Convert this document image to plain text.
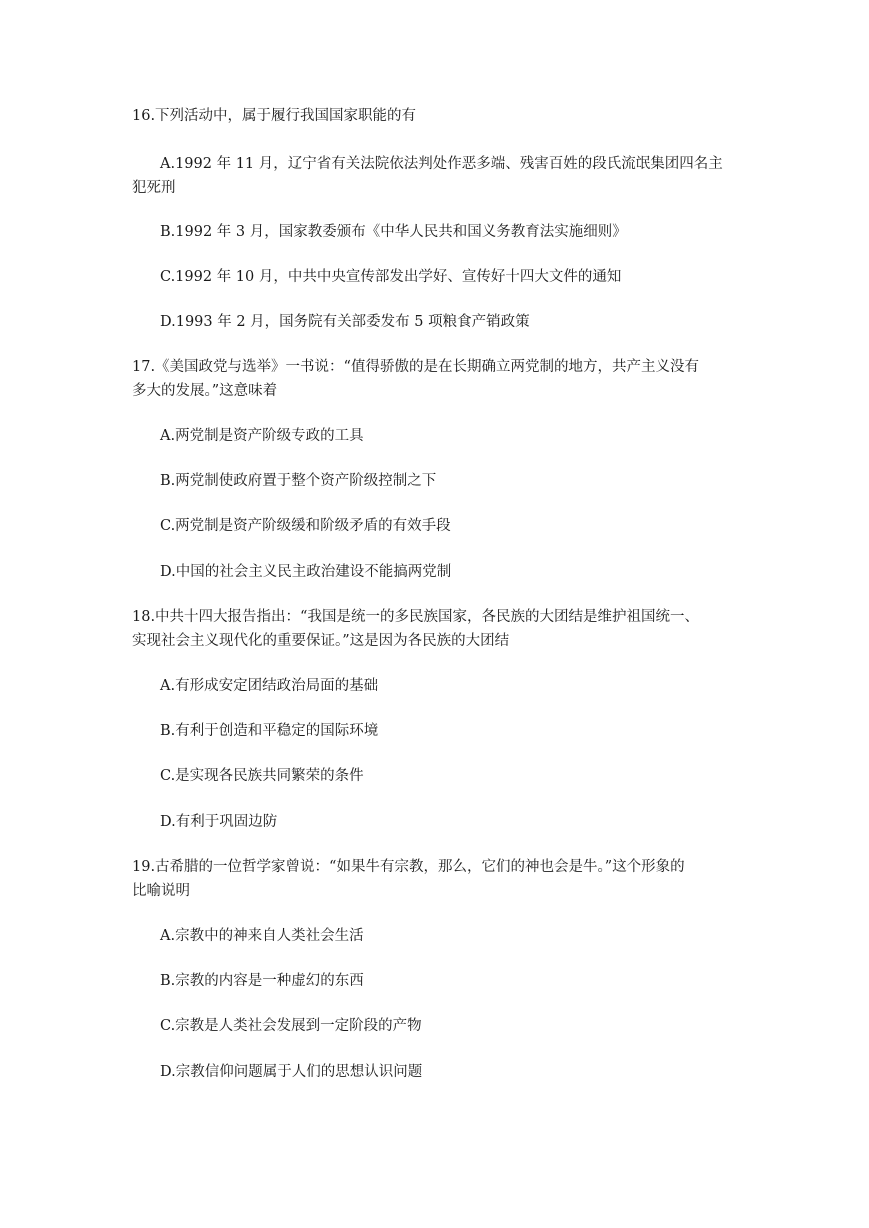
16.下列活动中，属于履行我国国家职能的有
A.1992 年 11 月，辽宁省有关法院依法判处作恶多端、残害百姓的段氏流氓集团四名主
犯死刑
B.1992 年 3 月，国家教委颁布《中华人民共和国义务教育法实施细则》
C.1992 年 10 月，中共中央宣传部发出学好、宣传好十四大文件的通知
D.1993 年 2 月，国务院有关部委发布 5 项粮食产销政策
17.《美国政党与选举》一书说：“值得骄傲的是在长期确立两党制的地方，共产主义没有
多大的发展。”这意味着
A.两党制是资产阶级专政的工具
B.两党制使政府置于整个资产阶级控制之下
C.两党制是资产阶级缓和阶级矛盾的有效手段
D.中国的社会主义民主政治建设不能搞两党制
18.中共十四大报告指出：“我国是统一的多民族国家，各民族的大团结是维护祖国统一、
实现社会主义现代化的重要保证。”这是因为各民族的大团结
A.有形成安定团结政治局面的基础
B.有利于创造和平稳定的国际环境
C.是实现各民族共同繁荣的条件
D.有利于巩固边防
19.古希腊的一位哲学家曾说：“如果牛有宗教，那么，它们的神也会是牛。”这个形象的
比喻说明
A.宗教中的神来自人类社会生活
B.宗教的内容是一种虚幻的东西
C.宗教是人类社会发展到一定阶段的产物
D.宗教信仰问题属于人们的思想认识问题
